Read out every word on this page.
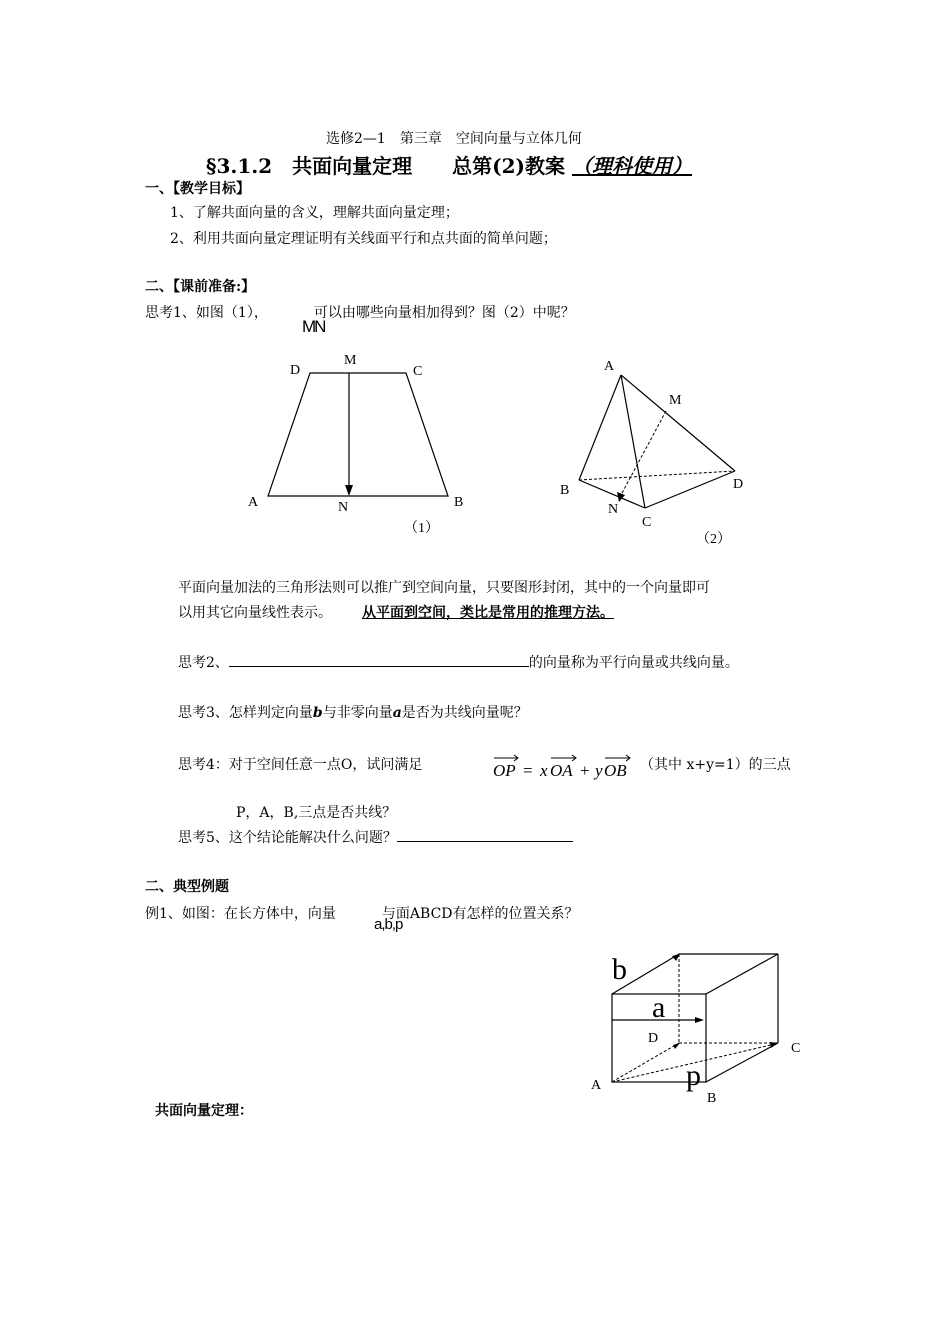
选修2—1　第三章　空间向量与立体几何
§3.1.2　共面向量定理　　总第(2)教案 （理科使用）
一、【教学目标】
1、了解共面向量的含义，理解共面向量定理；
2、利用共面向量定理证明有关线面平行和点共面的简单问题；
二、【课前准备:】
思考1、如图（1），	可以由哪些向量相加得到？图（2）中呢？
MN
D
M
C
A	N	B
（1）
A
M
B	D
N
C
（2）
平面向量加法的三角形法则可以推广到空间向量，只要图形封闭，其中的一个向量即可
以用其它向量线性表示。 从平面到空间，类比是常用的推理方法。
思考2、	的向量称为平行向量或共线向量。
思考3、怎样判定向量b与非零向量a是否为共线向量呢？
思考4：对于空间任意一点O，试问满足	OP = x OA + y OB （其中 x+y=1）的三点
P，A，B,三点是否共线？
思考5、这个结论能解决什么问题？
二、典型例题
例1、如图：在长方体中，向量	与面ABCD有怎样的位置关系？
a,b,p
b
a
D
C
A	p
B
共面向量定理：
